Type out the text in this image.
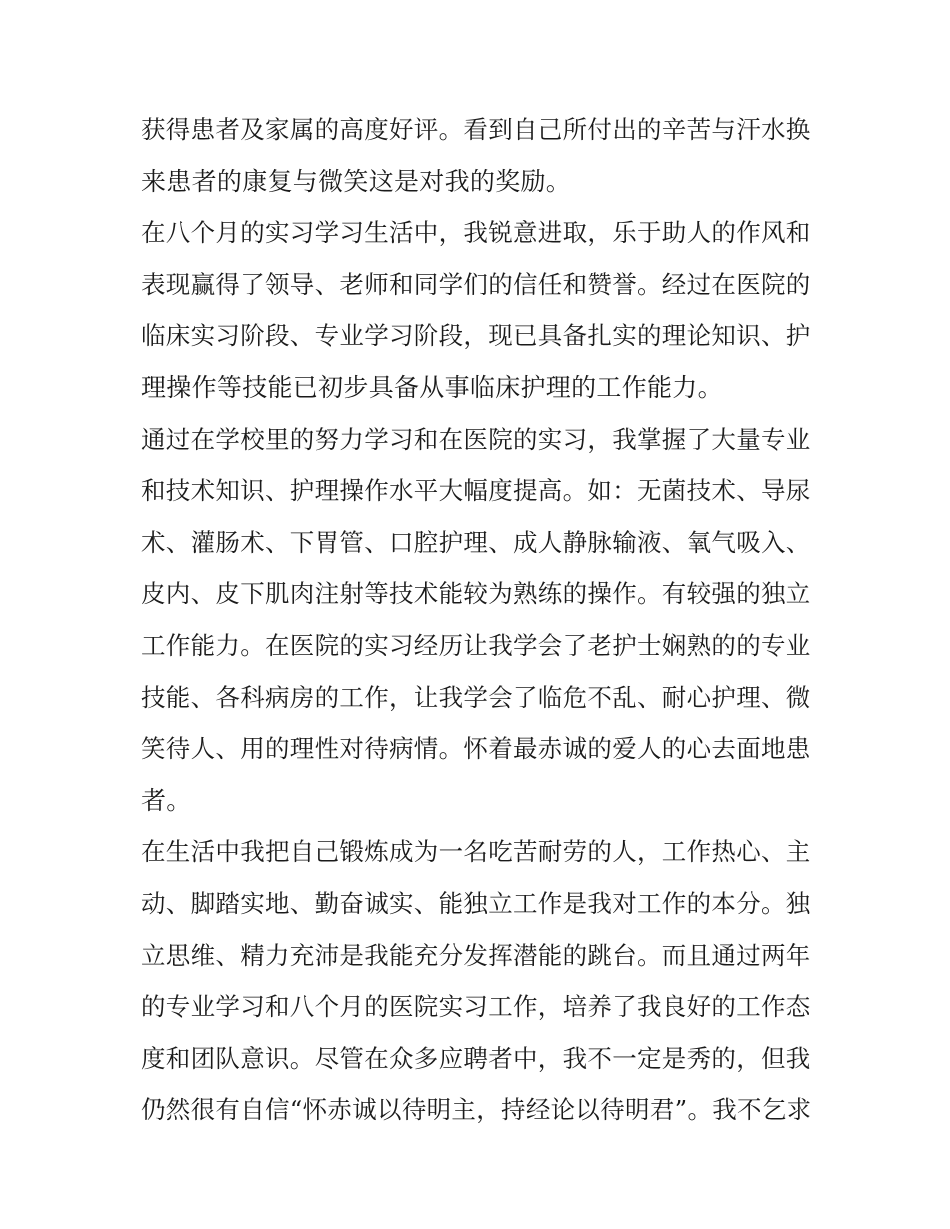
获得患者及家属的高度好评。看到自己所付出的辛苦与汗水换
来患者的康复与微笑这是对我的奖励。
在八个月的实习学习生活中，我锐意进取，乐于助人的作风和
表现赢得了领导、老师和同学们的信任和赞誉。经过在医院的
临床实习阶段、专业学习阶段，现已具备扎实的理论知识、护
理操作等技能已初步具备从事临床护理的工作能力。
通过在学校里的努力学习和在医院的实习，我掌握了大量专业
和技术知识、护理操作水平大幅度提高。如：无菌技术、导尿
术、灌肠术、下胃管、口腔护理、成人静脉输液、氧气吸入、
皮内、皮下肌肉注射等技术能较为熟练的操作。有较强的独立
工作能力。在医院的实习经历让我学会了老护士娴熟的的专业
技能、各科病房的工作，让我学会了临危不乱、耐心护理、微
笑待人、用的理性对待病情。怀着最赤诚的爱人的心去面地患
者。
在生活中我把自己锻炼成为一名吃苦耐劳的人，工作热心、主
动、脚踏实地、勤奋诚实、能独立工作是我对工作的本分。独
立思维、精力充沛是我能充分发挥潜能的跳台。而且通过两年
的专业学习和八个月的医院实习工作，培养了我良好的工作态
度和团队意识。尽管在众多应聘者中，我不一定是秀的，但我
仍然很有自信“怀赤诚以待明主，持经论以待明君”。我不乞求
